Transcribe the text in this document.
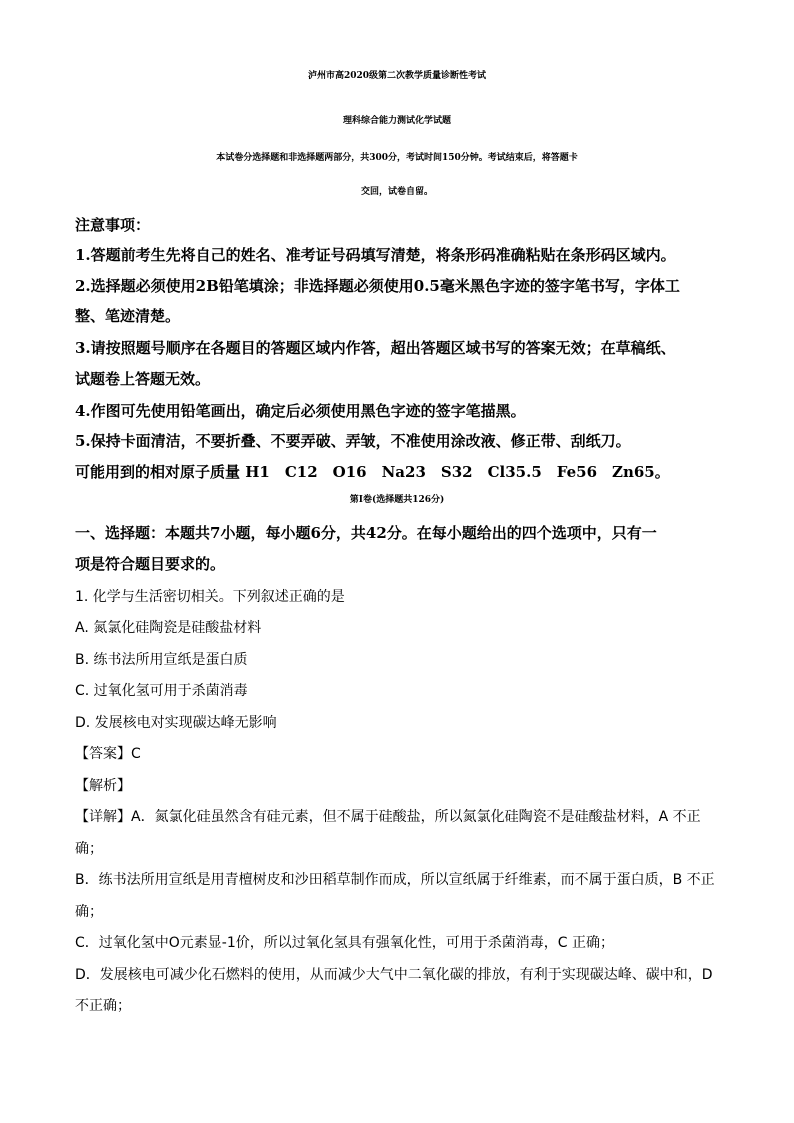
泸州市高2020级第二次教学质量诊断性考试
理科综合能力测试化学试题
本试卷分选择题和非选择题两部分，共300分，考试时间150分钟。考试结束后，将答题卡
交回，试卷自留。
注意事项：
1.答题前考生先将自己的姓名、准考证号码填写清楚，将条形码准确粘贴在条形码区域内。
2.选择题必须使用2B铅笔填涂；非选择题必须使用0.5毫米黑色字迹的签字笔书写，字体工
整、笔迹清楚。
3.请按照题号顺序在各题目的答题区域内作答，超出答题区域书写的答案无效；在草稿纸、
试题卷上答题无效。
4.作图可先使用铅笔画出，确定后必须使用黑色字迹的签字笔描黑。
5.保持卡面清洁，不要折叠、不要弄破、弄皱，不准使用涂改液、修正带、刮纸刀。
可能用到的相对原子质量 H1　C12　O16　Na23　S32　Cl35.5　Fe56　Zn65。
第I卷(选择题共126分)
一、选择题：本题共7小题，每小题6分，共42分。在每小题给出的四个选项中，只有一
项是符合题目要求的。
1. 化学与生活密切相关。下列叙述正确的是
A. 氮氯化硅陶瓷是硅酸盐材料
B. 练书法所用宣纸是蛋白质
C. 过氧化氢可用于杀菌消毒
D. 发展核电对实现碳达峰无影响
【答案】C
【解析】
【详解】A．氮氯化硅虽然含有硅元素，但不属于硅酸盐，所以氮氯化硅陶瓷不是硅酸盐材料，A 不正
确；
B．练书法所用宣纸是用青檀树皮和沙田稻草制作而成，所以宣纸属于纤维素，而不属于蛋白质，B 不正
确；
C．过氧化氢中O元素显-1价，所以过氧化氢具有强氧化性，可用于杀菌消毒，C 正确；
D．发展核电可减少化石燃料的使用，从而减少大气中二氧化碳的排放，有利于实现碳达峰、碳中和，D
不正确；
